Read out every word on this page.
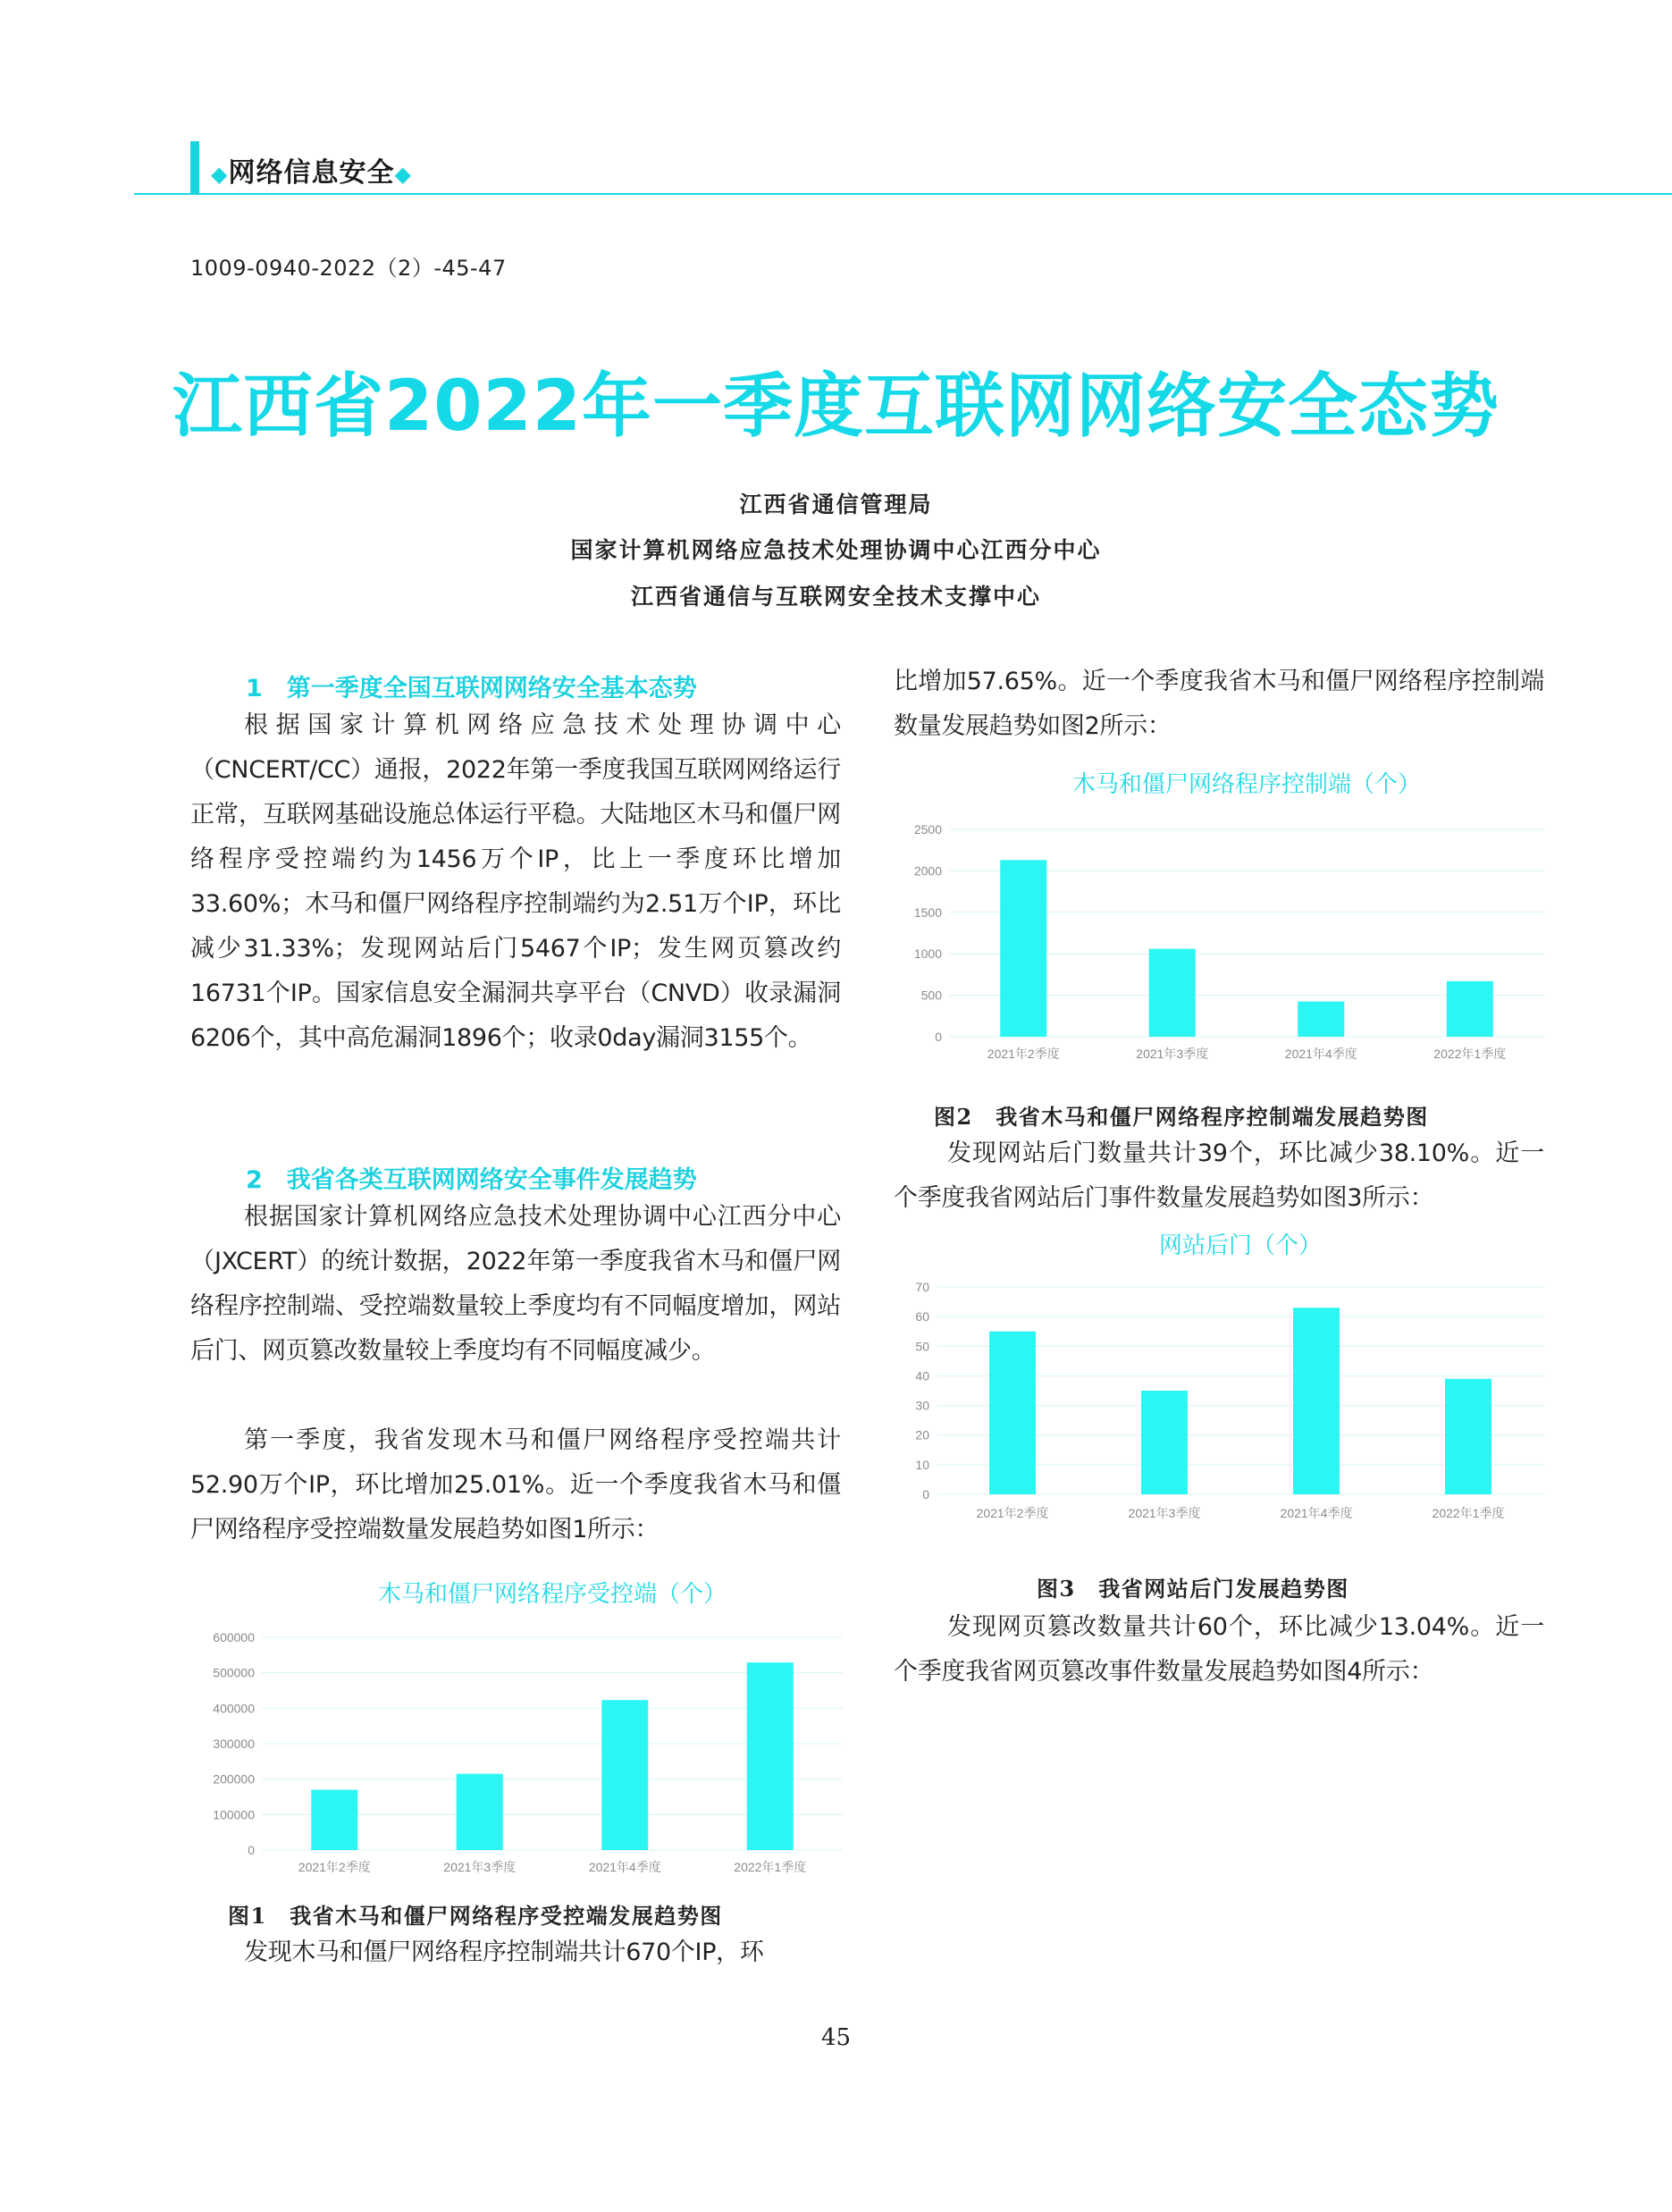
◆网络信息安全◆
1009-0940-2022（2）-45-47
江西省2022年一季度互联网网络安全态势
江西省通信管理局
国家计算机网络应急技术处理协调中心江西分中心
江西省通信与互联网安全技术支撑中心
1　第一季度全国互联网网络安全基本态势
根据国家计算机网络应急技术处理协调中心（CNCERT/CC）通报，2022年第一季度我国互联网网络运行正常，互联网基础设施总体运行平稳。大陆地区木马和僵尸网络程序受控端约为1456万个IP，比上一季度环比增加33.60%；木马和僵尸网络程序控制端约为2.51万个IP，环比减少31.33%；发现网站后门5467个IP；发生网页篡改约16731个IP。国家信息安全漏洞共享平台（CNVD）收录漏洞6206个，其中高危漏洞1896个；收录0day漏洞3155个。
2　我省各类互联网网络安全事件发展趋势
根据国家计算机网络应急技术处理协调中心江西分中心（JXCERT）的统计数据，2022年第一季度我省木马和僵尸网络程序控制端、受控端数量较上季度均有不同幅度增加，网站后门、网页篡改数量较上季度均有不同幅度减少。
第一季度，我省发现木马和僵尸网络程序受控端共计52.90万个IP，环比增加25.01%。近一个季度我省木马和僵尸网络程序受控端数量发展趋势如图1所示：
木马和僵尸网络程序受控端（个）
0
100000
200000
300000
400000
500000
600000
2021年2季度	2021年3季度	2021年4季度	2022年1季度
图1　我省木马和僵尸网络程序受控端发展趋势图
发现木马和僵尸网络程序控制端共计670个IP，环
比增加57.65%。近一个季度我省木马和僵尸网络程序控制端数量发展趋势如图2所示：
木马和僵尸网络程序控制端（个）
0
500
1000
1500
2000
2500
2021年2季度	2021年3季度	2021年4季度	2022年1季度
图2　我省木马和僵尸网络程序控制端发展趋势图
发现网站后门数量共计39个，环比减少38.10%。近一个季度我省网站后门事件数量发展趋势如图3所示：
网站后门（个）
0
10
20
30
40
50
60
70
2021年2季度	2021年3季度	2021年4季度	2022年1季度
图3　我省网站后门发展趋势图
发现网页篡改数量共计60个，环比减少13.04%。近一个季度我省网页篡改事件数量发展趋势如图4所示：
45
